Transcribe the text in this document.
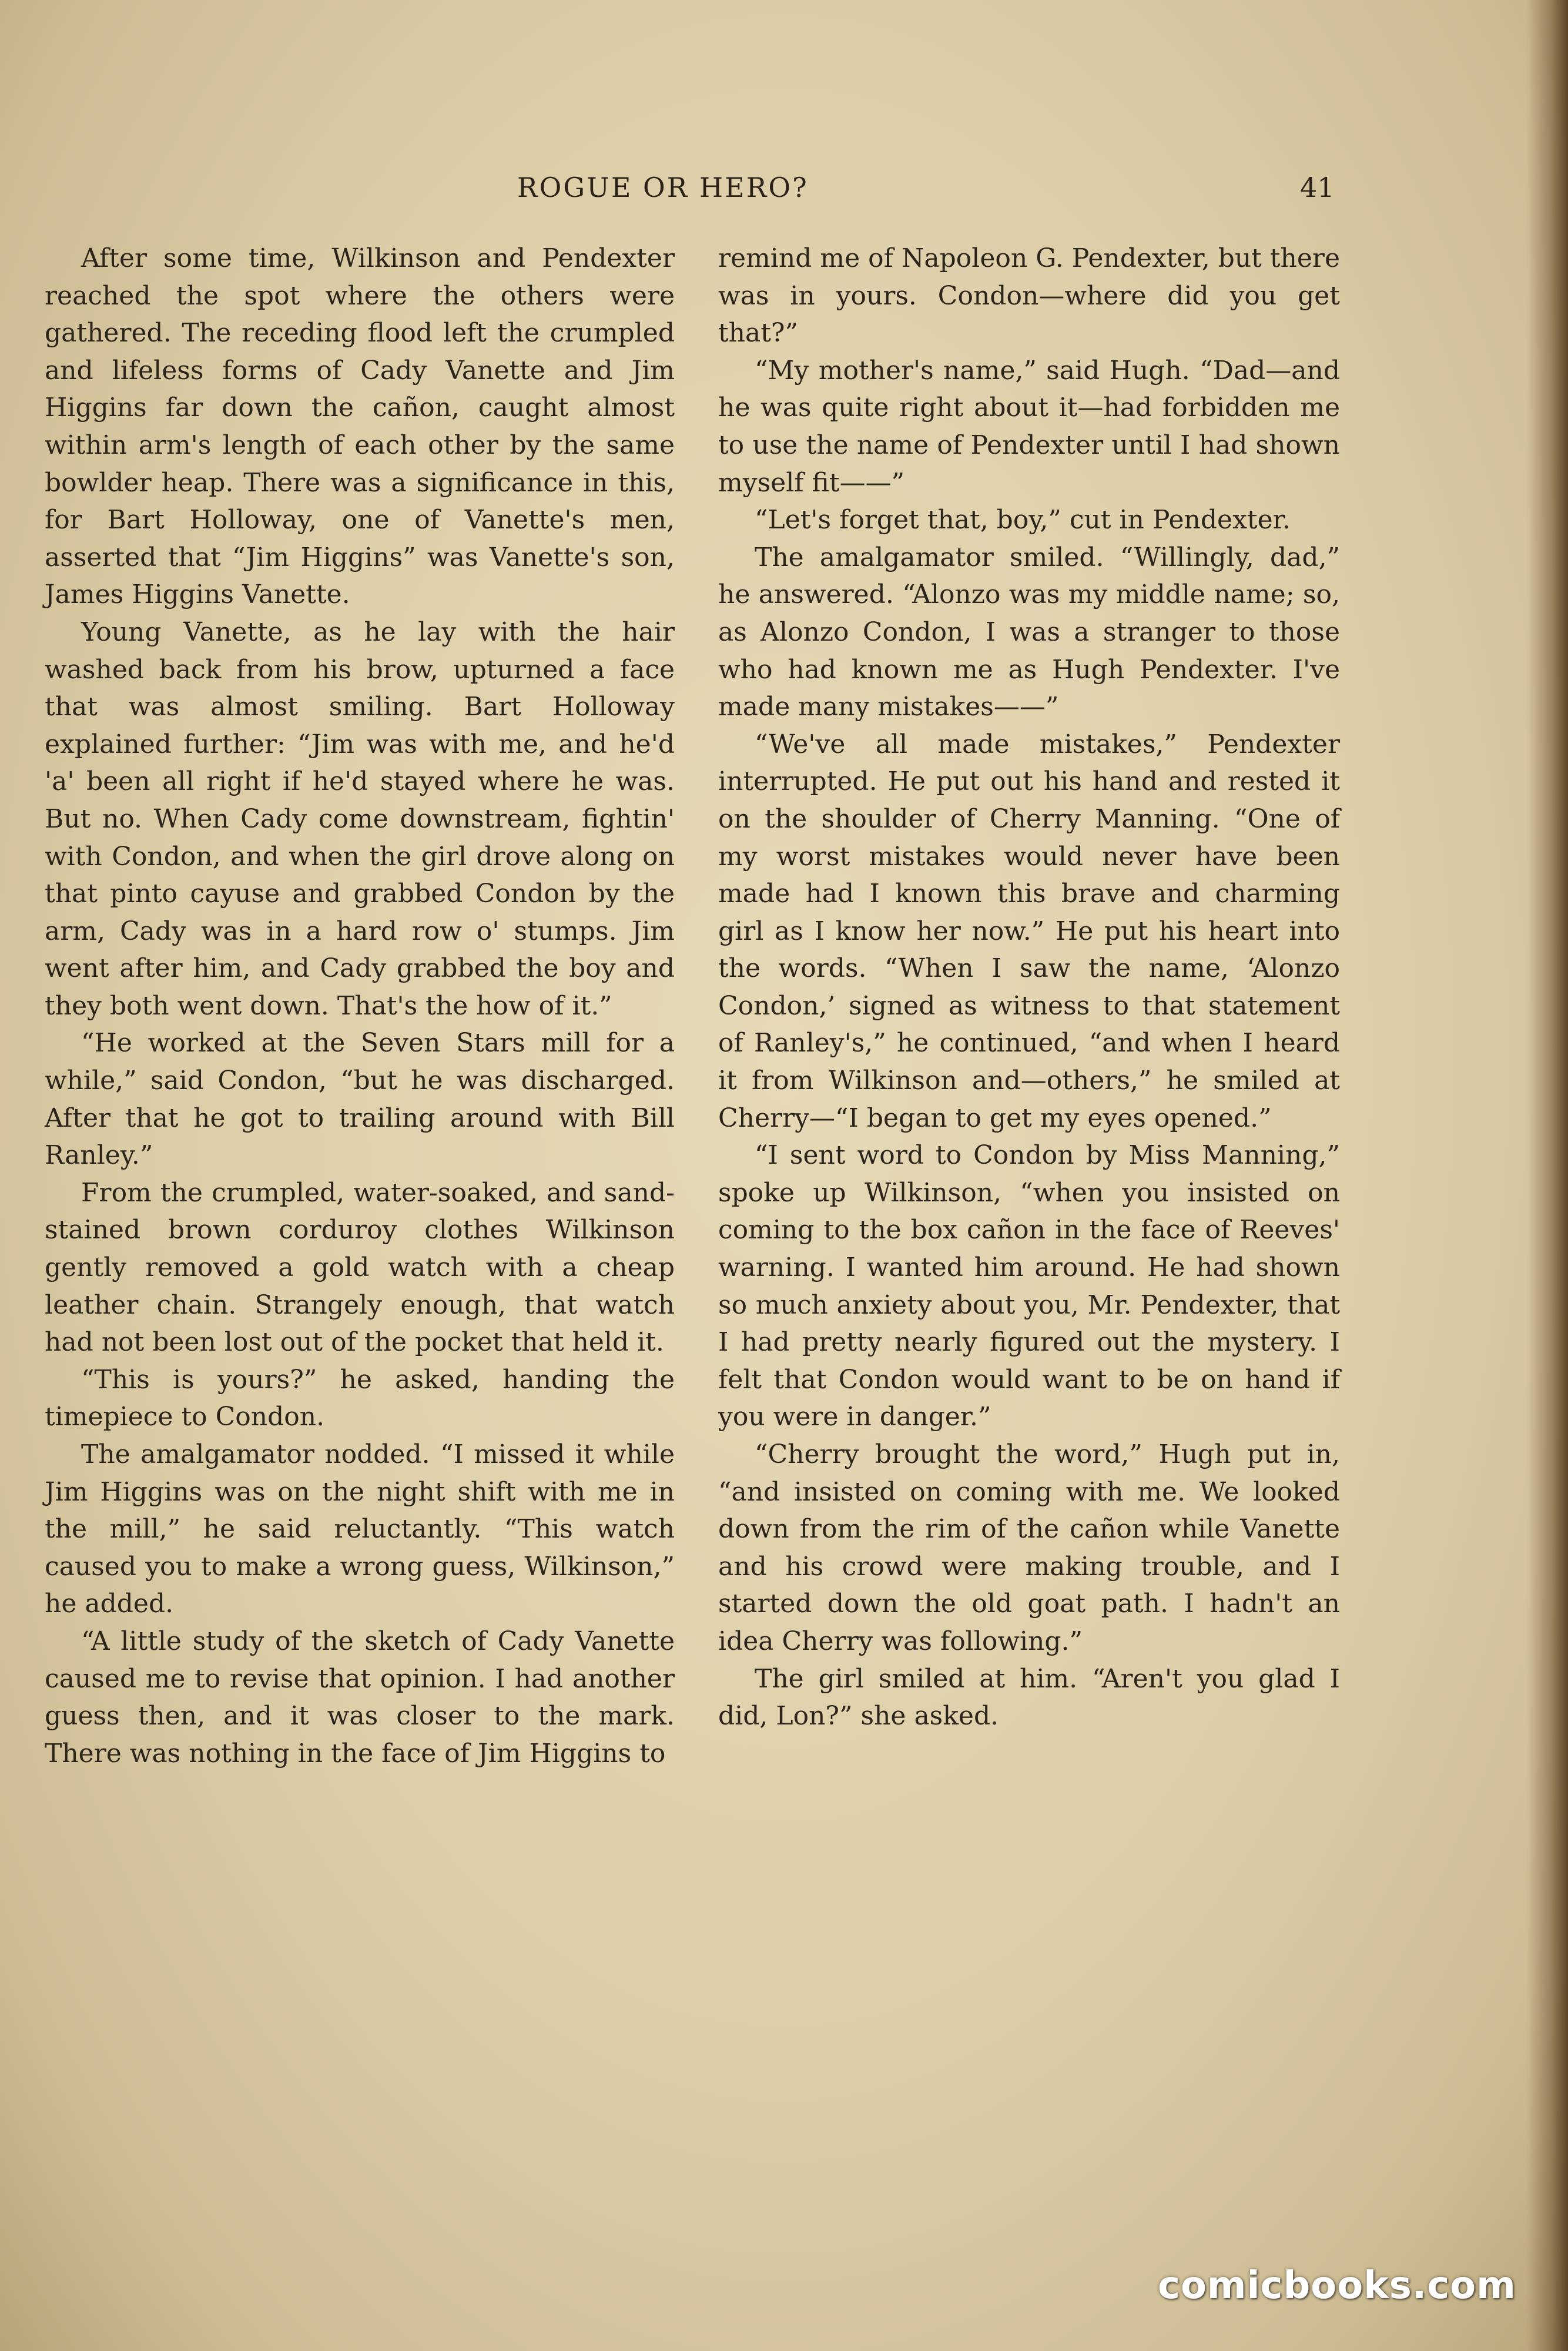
ROGUE OR HERO?	41

After some time, Wilkinson and Pendexter reached the spot where the others were gathered. The receding flood left the crumpled and lifeless forms of Cady Vanette and Jim Higgins far down the cañon, caught almost within arm's length of each other by the same bowlder heap. There was a significance in this, for Bart Holloway, one of Vanette's men, asserted that “Jim Higgins” was Vanette's son, James Higgins Vanette.

Young Vanette, as he lay with the hair washed back from his brow, upturned a face that was almost smiling. Bart Holloway explained further: “Jim was with me, and he'd 'a' been all right if he'd stayed where he was. But no. When Cady come downstream, fightin' with Condon, and when the girl drove along on that pinto cayuse and grabbed Condon by the arm, Cady was in a hard row o' stumps. Jim went after him, and Cady grabbed the boy and they both went down. That's the how of it.”

“He worked at the Seven Stars mill for a while,” said Condon, “but he was discharged. After that he got to trailing around with Bill Ranley.”

From the crumpled, water-soaked, and sand-stained brown corduroy clothes Wilkinson gently removed a gold watch with a cheap leather chain. Strangely enough, that watch had not been lost out of the pocket that held it.

“This is yours?” he asked, handing the timepiece to Condon.

The amalgamator nodded. “I missed it while Jim Higgins was on the night shift with me in the mill,” he said reluctantly. “This watch caused you to make a wrong guess, Wilkinson,” he added.

“A little study of the sketch of Cady Vanette caused me to revise that opinion. I had another guess then, and it was closer to the mark. There was nothing in the face of Jim Higgins to

remind me of Napoleon G. Pendexter, but there was in yours. Condon—where did you get that?”

“My mother's name,” said Hugh. “Dad—and he was quite right about it—had forbidden me to use the name of Pendexter until I had shown myself fit——”

“Let's forget that, boy,” cut in Pendexter.

The amalgamator smiled. “Willingly, dad,” he answered. “Alonzo was my middle name; so, as Alonzo Condon, I was a stranger to those who had known me as Hugh Pendexter. I've made many mistakes——”

“We've all made mistakes,” Pendexter interrupted. He put out his hand and rested it on the shoulder of Cherry Manning. “One of my worst mistakes would never have been made had I known this brave and charming girl as I know her now.” He put his heart into the words. “When I saw the name, ‘Alonzo Condon,’ signed as witness to that statement of Ranley's,” he continued, “and when I heard it from Wilkinson and—others,” he smiled at Cherry—“I began to get my eyes opened.”

“I sent word to Condon by Miss Manning,” spoke up Wilkinson, “when you insisted on coming to the box cañon in the face of Reeves' warning. I wanted him around. He had shown so much anxiety about you, Mr. Pendexter, that I had pretty nearly figured out the mystery. I felt that Condon would want to be on hand if you were in danger.”

“Cherry brought the word,” Hugh put in, “and insisted on coming with me. We looked down from the rim of the cañon while Vanette and his crowd were making trouble, and I started down the old goat path. I hadn't an idea Cherry was following.”

The girl smiled at him. “Aren't you glad I did, Lon?” she asked.

comicbooks.com
